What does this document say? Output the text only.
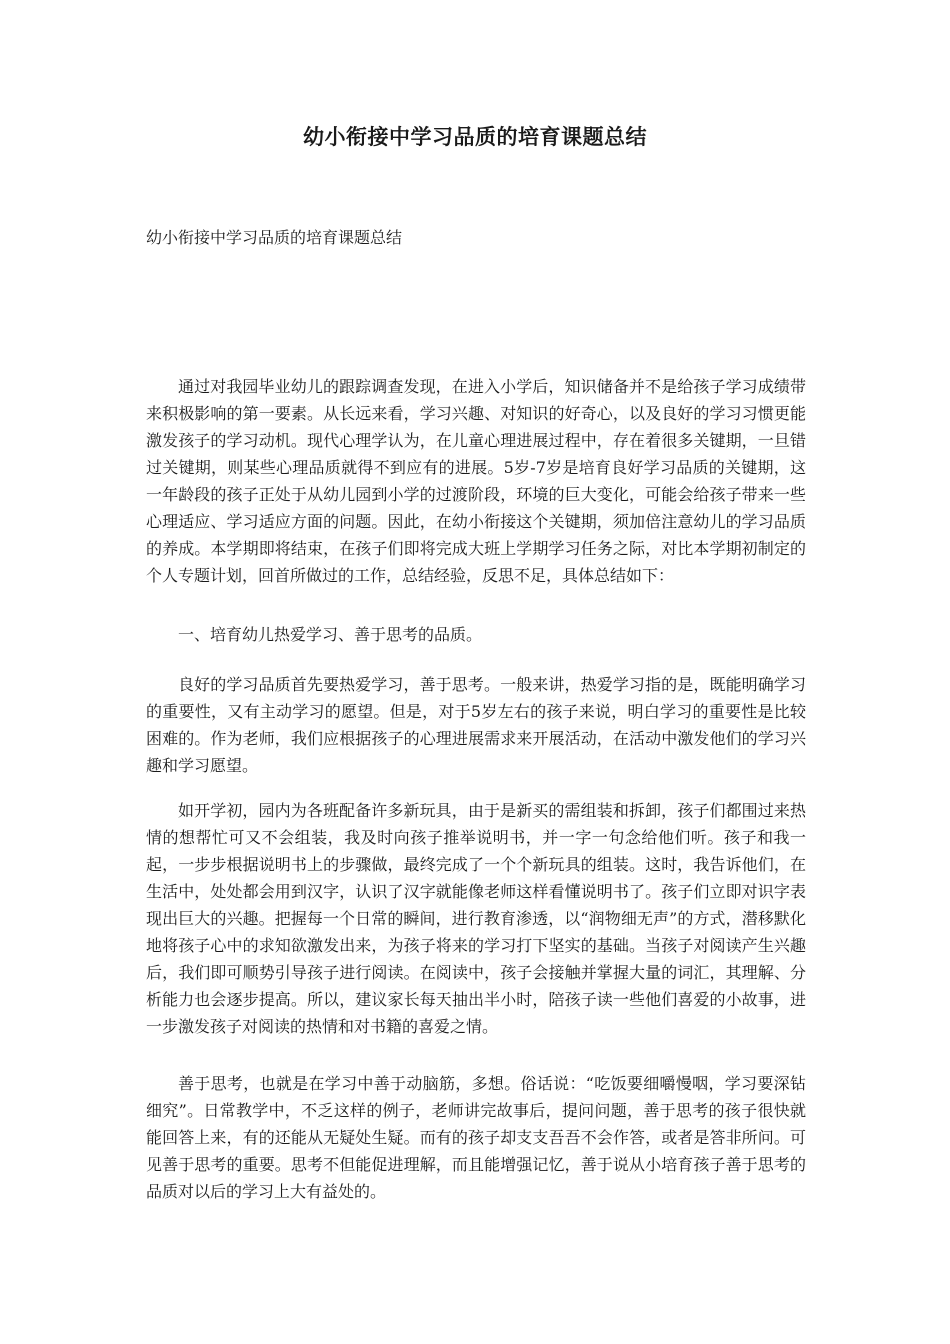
幼小衔接中学习品质的培育课题总结
幼小衔接中学习品质的培育课题总结

通过对我园毕业幼儿的跟踪调查发现，在进入小学后，知识储备并不是给孩子学习成绩带来积极影响的第一要素。从长远来看，学习兴趣、对知识的好奇心，以及良好的学习习惯更能激发孩子的学习动机。现代心理学认为，在儿童心理进展过程中，存在着很多关键期，一旦错过关键期，则某些心理品质就得不到应有的进展。5岁-7岁是培育良好学习品质的关键期，这一年龄段的孩子正处于从幼儿园到小学的过渡阶段，环境的巨大变化，可能会给孩子带来一些心理适应、学习适应方面的问题。因此，在幼小衔接这个关键期，须加倍注意幼儿的学习品质的养成。本学期即将结束，在孩子们即将完成大班上学期学习任务之际，对比本学期初制定的个人专题计划，回首所做过的工作，总结经验，反思不足，具体总结如下：

一、培育幼儿热爱学习、善于思考的品质。

良好的学习品质首先要热爱学习，善于思考。一般来讲，热爱学习指的是，既能明确学习的重要性，又有主动学习的愿望。但是，对于5岁左右的孩子来说，明白学习的重要性是比较困难的。作为老师，我们应根据孩子的心理进展需求来开展活动，在活动中激发他们的学习兴趣和学习愿望。

如开学初，园内为各班配备许多新玩具，由于是新买的需组装和拆卸，孩子们都围过来热情的想帮忙可又不会组装，我及时向孩子推举说明书，并一字一句念给他们听。孩子和我一起，一步步根据说明书上的步骤做，最终完成了一个个新玩具的组装。这时，我告诉他们，在生活中，处处都会用到汉字，认识了汉字就能像老师这样看懂说明书了。孩子们立即对识字表现出巨大的兴趣。把握每一个日常的瞬间，进行教育渗透，以“润物细无声”的方式，潜移默化地将孩子心中的求知欲激发出来，为孩子将来的学习打下坚实的基础。当孩子对阅读产生兴趣后，我们即可顺势引导孩子进行阅读。在阅读中，孩子会接触并掌握大量的词汇，其理解、分析能力也会逐步提高。所以，建议家长每天抽出半小时，陪孩子读一些他们喜爱的小故事，进一步激发孩子对阅读的热情和对书籍的喜爱之情。

善于思考，也就是在学习中善于动脑筋，多想。俗话说：“吃饭要细嚼慢咽，学习要深钻细究”。日常教学中，不乏这样的例子，老师讲完故事后，提问问题，善于思考的孩子很快就能回答上来，有的还能从无疑处生疑。而有的孩子却支支吾吾不会作答，或者是答非所问。可见善于思考的重要。思考不但能促进理解，而且能增强记忆，善于说从小培育孩子善于思考的品质对以后的学习上大有益处的。
